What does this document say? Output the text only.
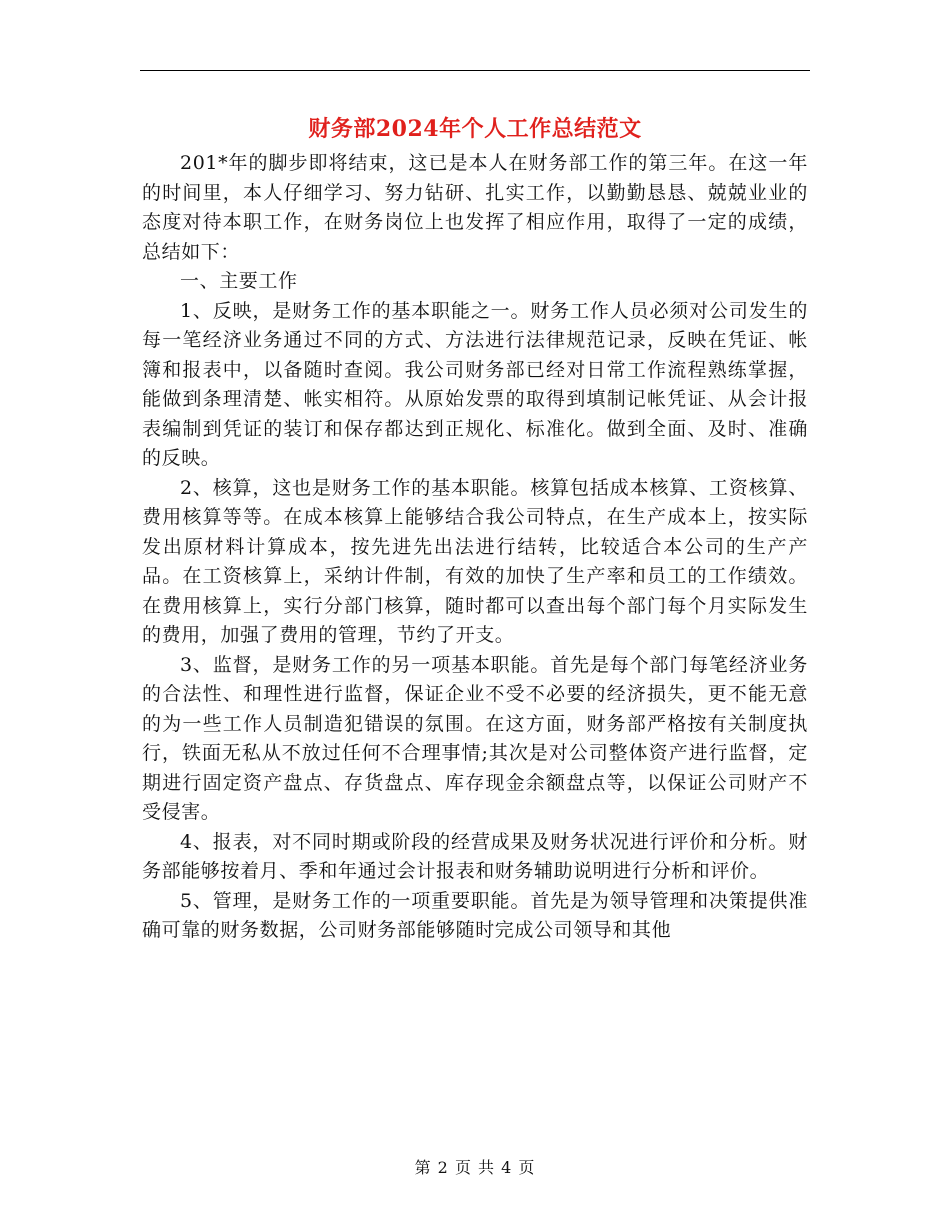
财务部2024年个人工作总结范文

201*年的脚步即将结束，这已是本人在财务部工作的第三年。在这一年的时间里，本人仔细学习、努力钻研、扎实工作，以勤勤恳恳、兢兢业业的态度对待本职工作，在财务岗位上也发挥了相应作用，取得了一定的成绩，总结如下：

一、主要工作

1、反映，是财务工作的基本职能之一。财务工作人员必须对公司发生的每一笔经济业务通过不同的方式、方法进行法律规范记录，反映在凭证、帐簿和报表中，以备随时查阅。我公司财务部已经对日常工作流程熟练掌握，能做到条理清楚、帐实相符。从原始发票的取得到填制记帐凭证、从会计报表编制到凭证的装订和保存都达到正规化、标准化。做到全面、及时、准确的反映。

2、核算，这也是财务工作的基本职能。核算包括成本核算、工资核算、费用核算等等。在成本核算上能够结合我公司特点，在生产成本上，按实际发出原材料计算成本，按先进先出法进行结转，比较适合本公司的生产产品。在工资核算上，采纳计件制，有效的加快了生产率和员工的工作绩效。在费用核算上，实行分部门核算，随时都可以查出每个部门每个月实际发生的费用，加强了费用的管理，节约了开支。

3、监督，是财务工作的另一项基本职能。首先是每个部门每笔经济业务的合法性、和理性进行监督，保证企业不受不必要的经济损失，更不能无意的为一些工作人员制造犯错误的氛围。在这方面，财务部严格按有关制度执行，铁面无私从不放过任何不合理事情;其次是对公司整体资产进行监督，定期进行固定资产盘点、存货盘点、库存现金余额盘点等，以保证公司财产不受侵害。

4、报表，对不同时期或阶段的经营成果及财务状况进行评价和分析。财务部能够按着月、季和年通过会计报表和财务辅助说明进行分析和评价。

5、管理，是财务工作的一项重要职能。首先是为领导管理和决策提供准确可靠的财务数据，公司财务部能够随时完成公司领导和其他

第 2 页 共 4 页
